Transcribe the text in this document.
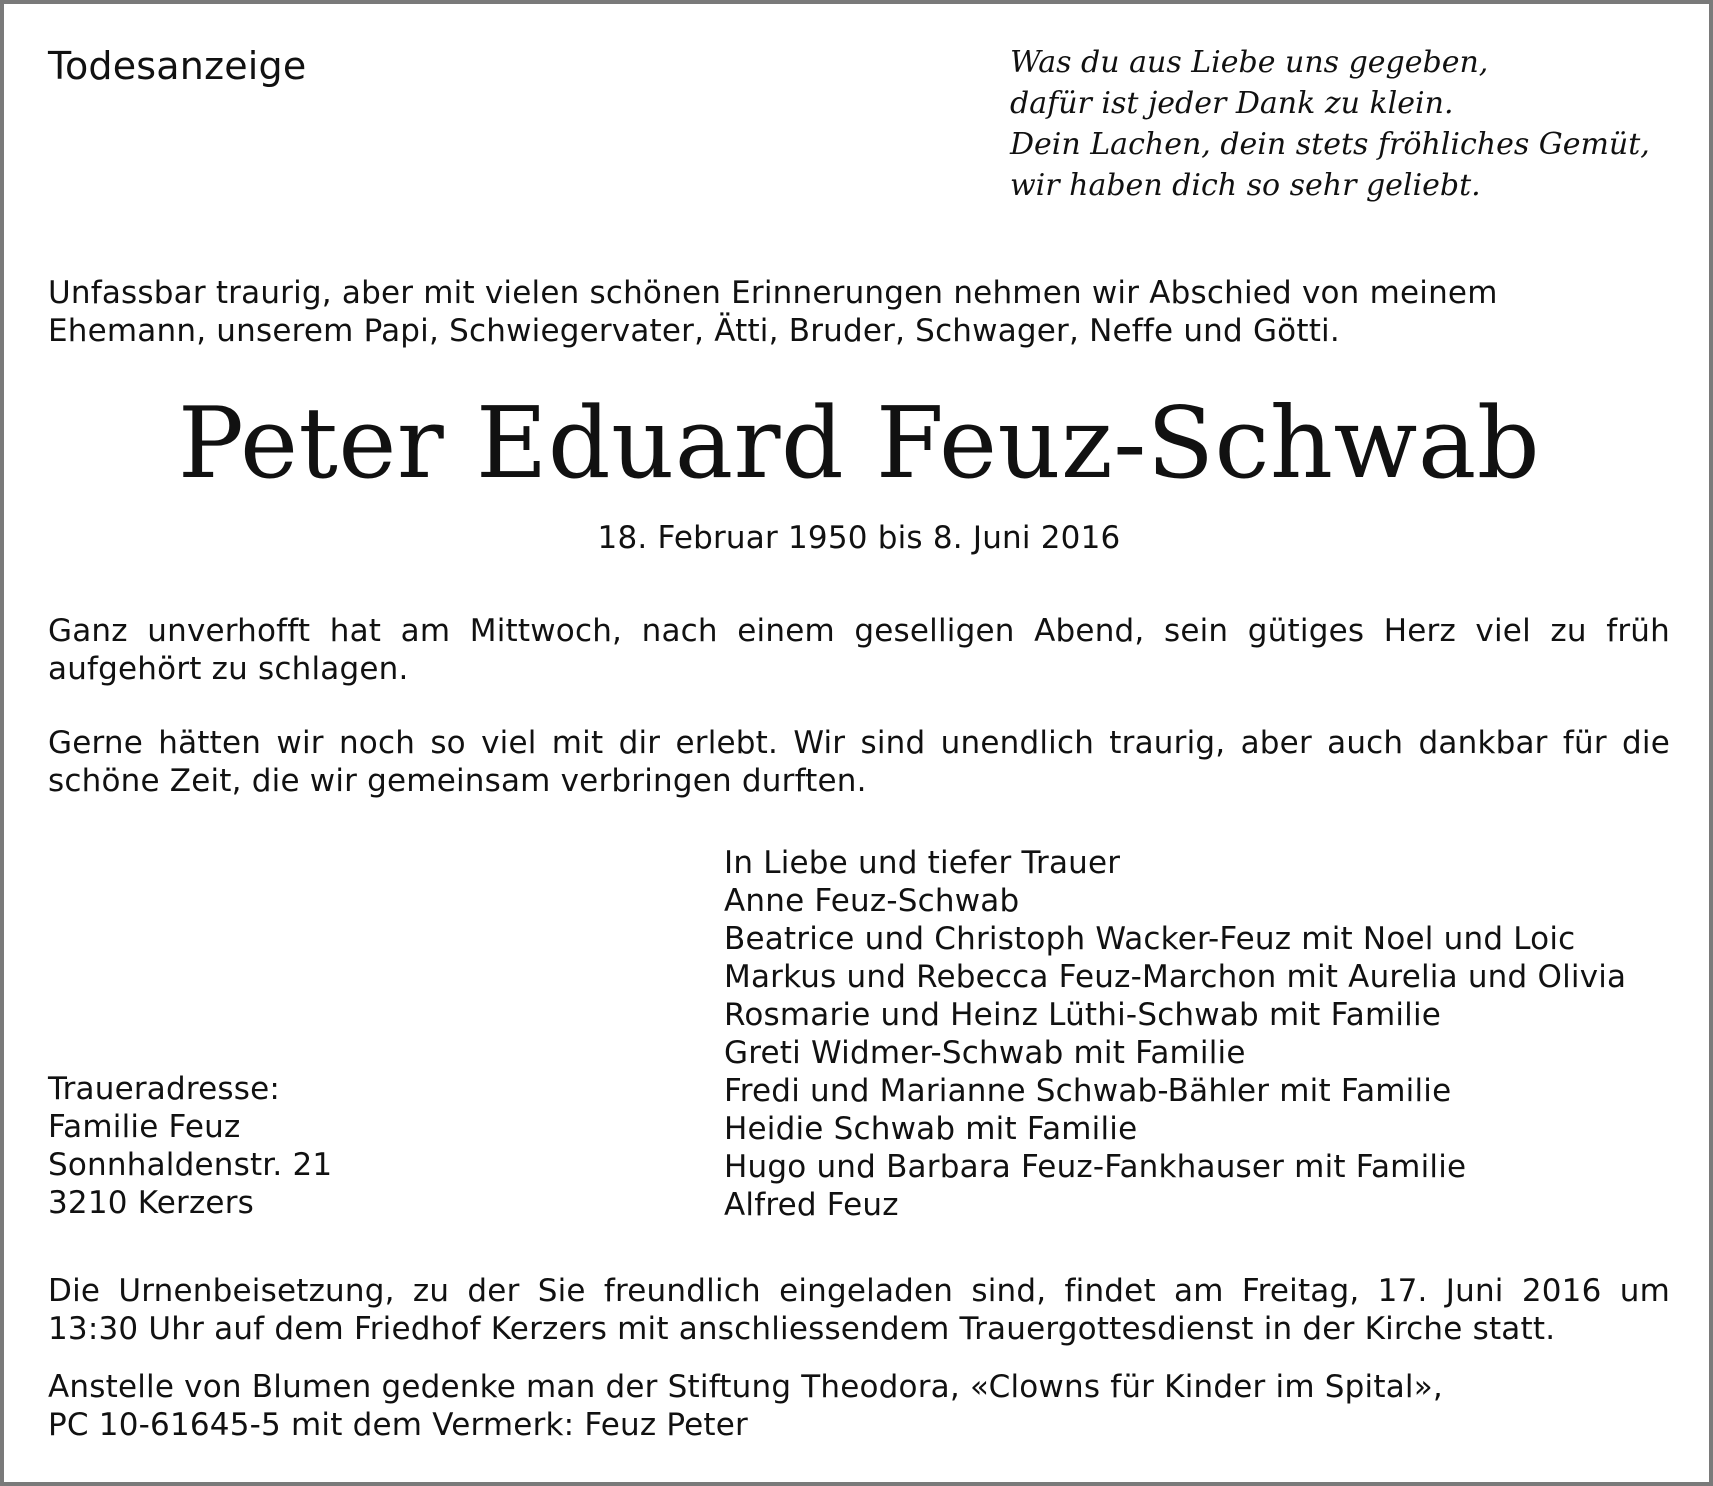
Todesanzeige	Was du aus Liebe uns gegeben,
dafür ist jeder Dank zu klein.
Dein Lachen, dein stets fröhliches Gemüt,
wir haben dich so sehr geliebt.
Unfassbar traurig, aber mit vielen schönen Erinnerungen nehmen wir Abschied von meinem
Ehemann, unserem Papi, Schwiegervater, Ätti, Bruder, Schwager, Neffe und Götti.
Peter Eduard Feuz-Schwab
18. Februar 1950 bis 8. Juni 2016
Ganz unverhofft hat am Mittwoch, nach einem geselligen Abend, sein gütiges Herz viel zu früh
aufgehört zu schlagen.
Gerne hätten wir noch so viel mit dir erlebt. Wir sind unendlich traurig, aber auch dankbar für die
schöne Zeit, die wir gemeinsam verbringen durften.
In Liebe und tiefer Trauer
Anne Feuz-Schwab
Beatrice und Christoph Wacker-Feuz mit Noel und Loic
Markus und Rebecca Feuz-Marchon mit Aurelia und Olivia
Rosmarie und Heinz Lüthi-Schwab mit Familie
Greti Widmer-Schwab mit Familie
Fredi und Marianne Schwab-Bähler mit Familie
Heidie Schwab mit Familie
Hugo und Barbara Feuz-Fankhauser mit Familie
Alfred Feuz
Traueradresse:
Familie Feuz
Sonnhaldenstr. 21
3210 Kerzers
Die Urnenbeisetzung, zu der Sie freundlich eingeladen sind, findet am Freitag, 17. Juni 2016 um
13:30 Uhr auf dem Friedhof Kerzers mit anschliessendem Trauergottesdienst in der Kirche statt.
Anstelle von Blumen gedenke man der Stiftung Theodora, «Clowns für Kinder im Spital»,
PC 10-61645-5 mit dem Vermerk: Feuz Peter
